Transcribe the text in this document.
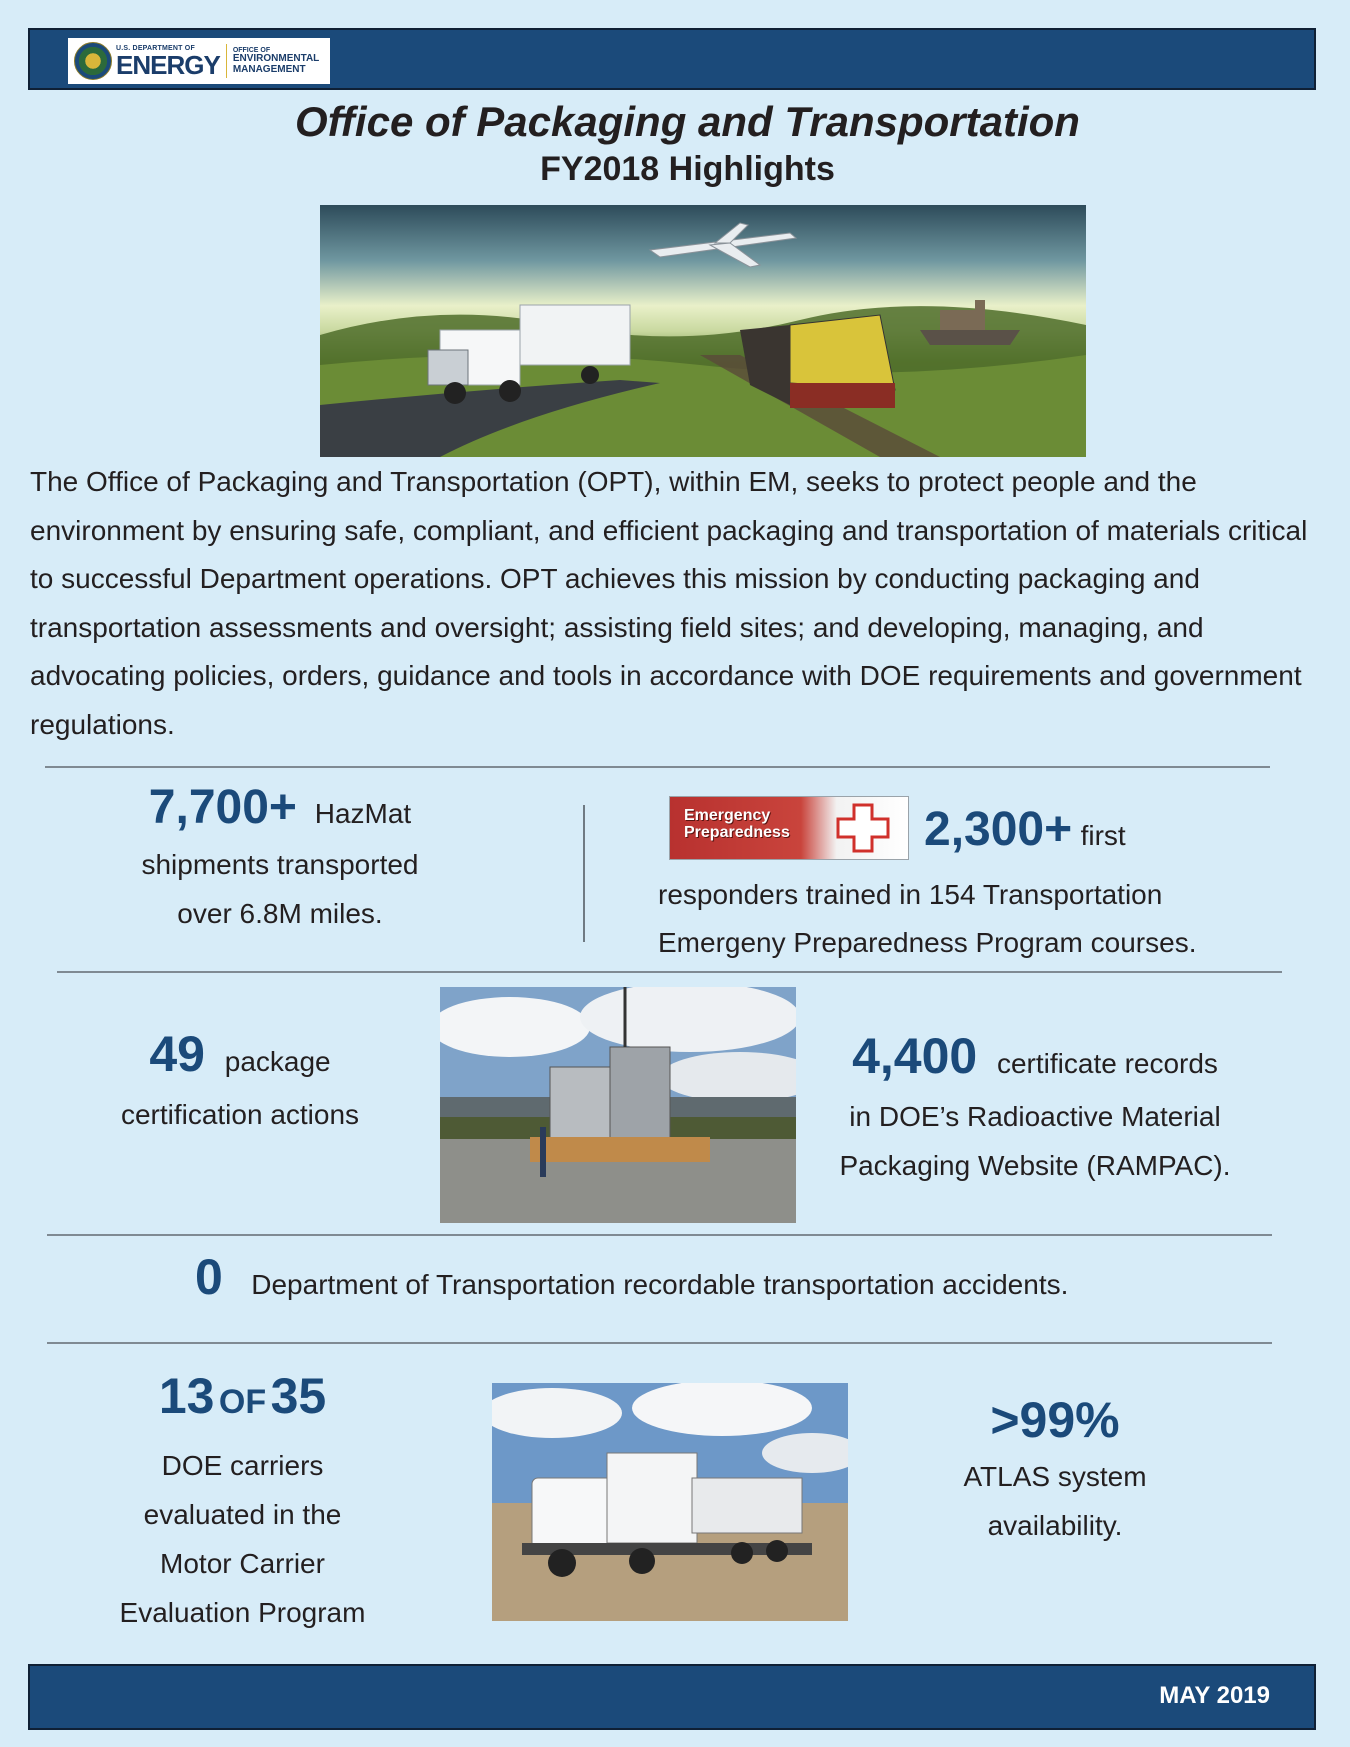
U.S. DEPARTMENT OF
ENERGY OFFICE OF
ENVIRONMENTAL
MANAGEMENT
Office of Packaging and Transportation
FY2018 Highlights
The Office of Packaging and Transportation (OPT), within EM, seeks to protect people and the environment by ensuring safe, compliant, and efficient packaging and transportation of materials critical to successful Department operations. OPT achieves this mission by conducting packaging and transportation assessments and oversight; assisting field sites; and developing, managing, and advocating policies, orders, guidance and tools in accordance with DOE requirements and government regulations.
7,700+ HazMat
shipments transported
over 6.8M miles.
Emergency
Preparedness	2,300+ first
responders trained in 154 Transportation
Emergeny Preparedness Program courses.
49 package
certification actions
4,400 certificate records
in DOE’s Radioactive Material
Packaging Website (RAMPAC).
0 Department of Transportation recordable transportation accidents.
13 OF 35
DOE carriers
evaluated in the
Motor Carrier
Evaluation Program
>99%
ATLAS system
availability.
MAY 2019
